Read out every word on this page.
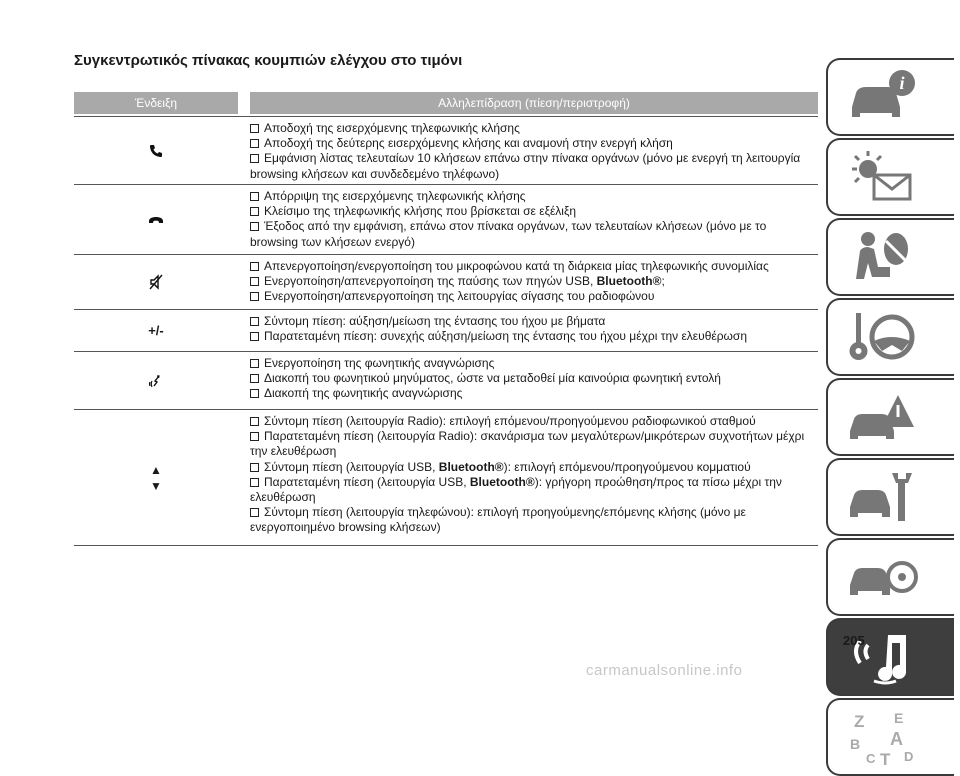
Συγκεντρωτικός πίνακας κουμπιών ελέγχου στο τιμόνι
Ένδειξη	Αλληλεπίδραση (πίεση/περιστροφή)
Αποδοχή της εισερχόμενης τηλεφωνικής κλήσης
Αποδοχή της δεύτερης εισερχόμενης κλήσης και αναμονή στην ενεργή κλήση
Εμφάνιση λίστας τελευταίων 10 κλήσεων επάνω στην πίνακα οργάνων (μόνο με ενεργή τη λειτουργία
browsing κλήσεων και συνδεδεμένο τηλέφωνο)
Απόρριψη της εισερχόμενης τηλεφωνικής κλήσης
Κλείσιμο της τηλεφωνικής κλήσης που βρίσκεται σε εξέλιξη
Έξοδος από την εμφάνιση, επάνω στον πίνακα οργάνων, των τελευταίων κλήσεων (μόνο με το
browsing των κλήσεων ενεργό)
Απενεργοποίηση/ενεργοποίηση του μικροφώνου κατά τη διάρκεια μίας τηλεφωνικής συνομιλίας
Ενεργοποίηση/απενεργοποίηση της παύσης των πηγών USB, Bluetooth®;
Ενεργοποίηση/απενεργοποίηση της λειτουργίας σίγασης του ραδιοφώνου
+/-
Σύντομη πίεση: αύξηση/μείωση της έντασης του ήχου με βήματα
Παρατεταμένη πίεση: συνεχής αύξηση/μείωση της έντασης του ήχου μέχρι την ελευθέρωση
Ενεργοποίηση της φωνητικής αναγνώρισης
Διακοπή του φωνητικού μηνύματος, ώστε να μεταδοθεί μία καινούρια φωνητική εντολή
Διακοπή της φωνητικής αναγνώρισης
▲
▼
Σύντομη πίεση (λειτουργία Radio): επιλογή επόμενου/προηγούμενου ραδιοφωνικού σταθμού
Παρατεταμένη πίεση (λειτουργία Radio): σκανάρισμα των μεγαλύτερων/μικρότερων συχνοτήτων μέχρι
την ελευθέρωση
Σύντομη πίεση (λειτουργία USB, Bluetooth®): επιλογή επόμενου/προηγούμενου κομματιού
Παρατεταμένη πίεση (λειτουργία USB, Bluetooth®): γρήγορη προώθηση/προς τα πίσω μέχρι την
ελευθέρωση
Σύντομη πίεση (λειτουργία τηλεφώνου): επιλογή προηγούμενης/επόμενης κλήσης (μόνο με
ενεργοποιημένο browsing κλήσεων)
i
Z E
B A
C T D
205
carmanualsonline.info
